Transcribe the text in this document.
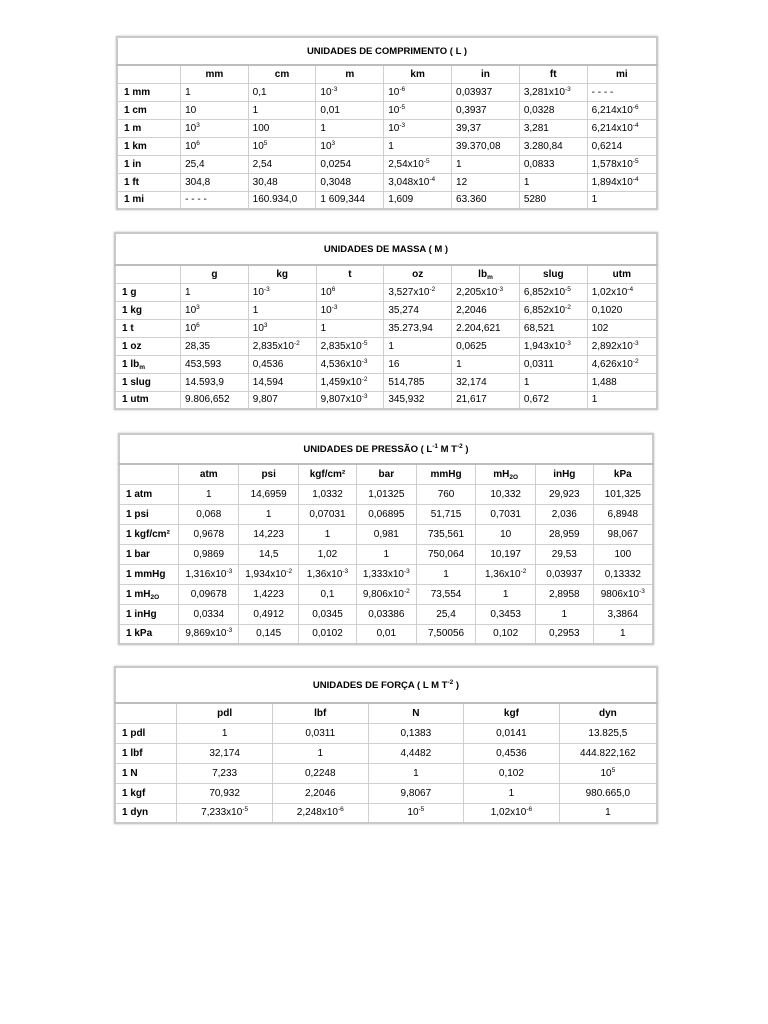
UNIDADES DE COMPRIMENTO ( L )							
	mm	cm	m	km	in	ft	mi
1 mm	1	0,1	$10^{-3}$	$10^{-6}$	0,03937	$3,281x10^{-3}$	- - - -
1 cm	10	1	0,01	$10^{-5}$	0,3937	0,0328	$6,214x10^{-6}$
1 m	$10^3$	100	1	$10^{-3}$	39,37	3,281	$6,214x10^{-4}$
1 km	$10^6$	$10^5$	$10^3$	1	39.370,08	3.280,84	0,6214
1 in	25,4	2,54	0,0254	$2,54x10^{-5}$	1	0,0833	$1,578x10^{-5}$
1 ft	304,8	30,48	0,3048	$3,048x10^{-4}$	12	1	$1,894x10^{-4}$
1 mi	- - - -	160.934,0	1 609,344	1,609	63.360	5280	1
UNIDADES DE MASSA ( M )							
	g	kg	t	oz	$lb_m$	slug	utm
1 g	1	$10^{-3}$	$10^6$	$3,527x10^{-2}$	$2,205x10^{-3}$	$6,852x10^{-5}$	$1,02x10^{-4}$
1 kg	$10^3$	1	$10^{-3}$	35,274	2,2046	$6,852x10^{-2}$	0,1020
1 t	$10^6$	$10^3$	1	35.273,94	2.204,621	68,521	102
1 oz	28,35	$2,835x10^{-2}$	$2,835x10^{-5}$	1	0,0625	$1,943x10^{-3}$	$2,892x10^{-3}$
1 $lb_m$	453,593	0,4536	$4,536x10^{-3}$	16	1	0,0311	$4,626x10^{-2}$
1 slug	14.593,9	14,594	$1,459x10^{-2}$	514,785	32,174	1	1,488
1 utm	9.806,652	9,807	$9,807x10^{-3}$	345,932	21,617	0,672	1
UNIDADES DE PRESSÃO ( $L^{-1}$ M $T^{-2}$ )								
	atm	psi	kgf/cm²	bar	mmHg	$mH_{2O}$	inHg	kPa
1 atm	1	14,6959	1,0332	1,01325	760	10,332	29,923	101,325
1 psi	0,068	1	0,07031	0,06895	51,715	0,7031	2,036	6,8948
1 kgf/cm²	0,9678	14,223	1	0,981	735,561	10	28,959	98,067
1 bar	0,9869	14,5	1,02	1	750,064	10,197	29,53	100
1 mmHg	$1,316x10^{-3}$	$1,934x10^{-2}$	$1,36x10^{-3}$	$1,333x10^{-3}$	1	$1,36x10^{-2}$	0,03937	0,13332
1 $mH_{2O}$	0,09678	1,4223	0,1	$9,806x10^{-2}$	73,554	1	2,8958	$9806x10^{-3}$
1 inHg	0,0334	0,4912	0,0345	0,03386	25,4	0,3453	1	3,3864
1 kPa	$9,869x10^{-3}$	0,145	0,0102	0,01	7,50056	0,102	0,2953	1
UNIDADES DE FORÇA ( L M $T^{-2}$ )					
	pdl	lbf	N	kgf	dyn
1 pdl	1	0,0311	0,1383	0,0141	13.825,5
1 lbf	32,174	1	4,4482	0,4536	444.822,162
1 N	7,233	0,2248	1	0,102	$10^5$
1 kgf	70,932	2,2046	9,8067	1	980.665,0
1 dyn	$7,233x10^{-5}$	$2,248x10^{-6}$	$10^{-5}$	$1,02x10^{-6}$	1
